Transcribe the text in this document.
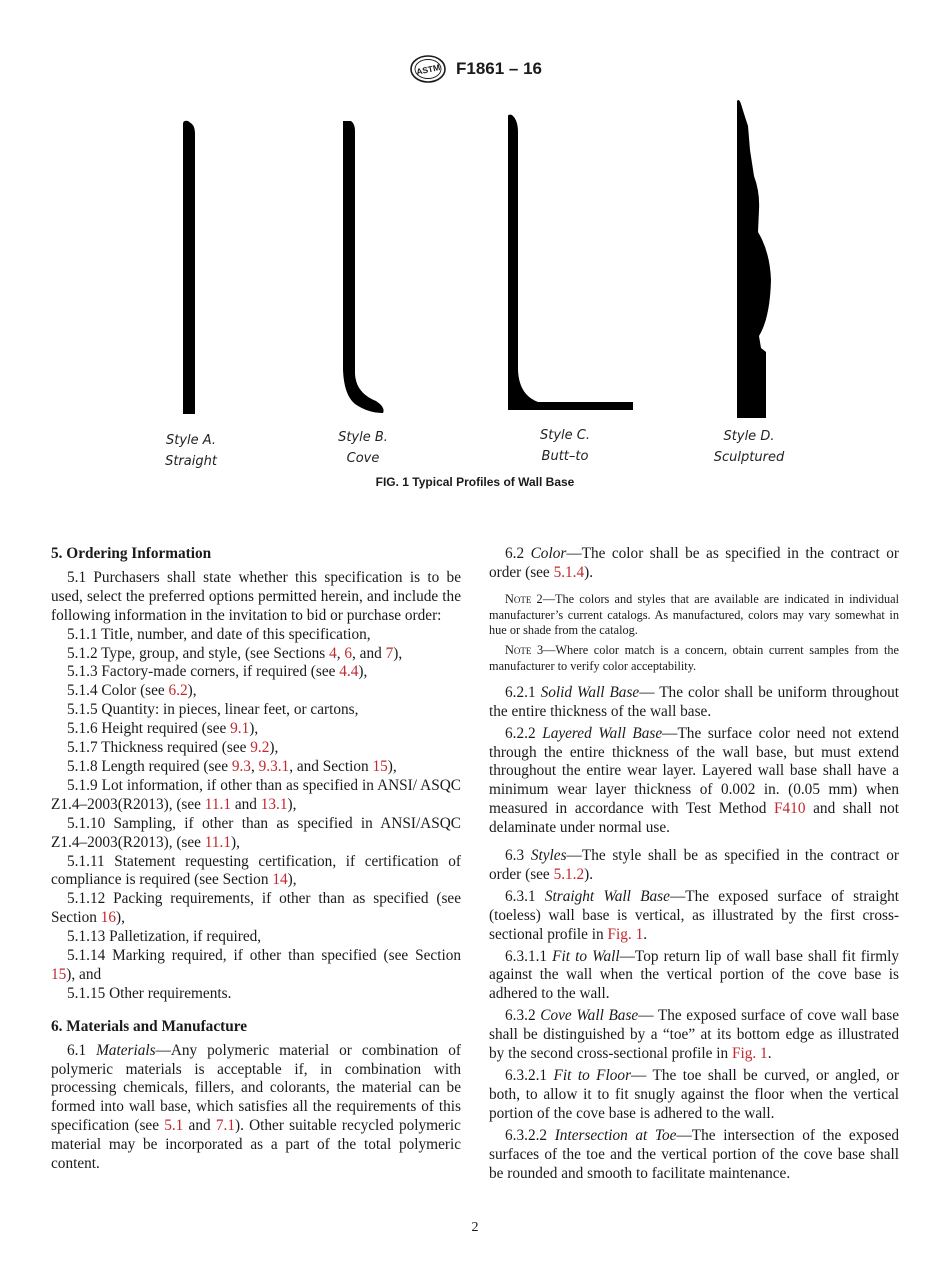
ASTM F1861 – 16
Style A.
Straight
Style B.
Cove
Style C.
Butt–to
Style D.
Sculptured
FIG. 1 Typical Profiles of Wall Base

5. Ordering Information

5.1 Purchasers shall state whether this specification is to be used, select the preferred options permitted herein, and include the following information in the invitation to bid or purchase order:

5.1.1 Title, number, and date of this specification,

5.1.2 Type, group, and style, (see Sections 4, 6, and 7),

5.1.3 Factory-made corners, if required (see 4.4),

5.1.4 Color (see 6.2),

5.1.5 Quantity: in pieces, linear feet, or cartons,

5.1.6 Height required (see 9.1),

5.1.7 Thickness required (see 9.2),

5.1.8 Length required (see 9.3, 9.3.1, and Section 15),

5.1.9 Lot information, if other than as specified in ANSI/ ASQC Z1.4–2003(R2013), (see 11.1 and 13.1),

5.1.10 Sampling, if other than as specified in ANSI/ASQC Z1.4–2003(R2013), (see 11.1),

5.1.11 Statement requesting certification, if certification of compliance is required (see Section 14),

5.1.12 Packing requirements, if other than as specified (see Section 16),

5.1.13 Palletization, if required,

5.1.14 Marking required, if other than specified (see Section 15), and

5.1.15 Other requirements.

6. Materials and Manufacture

6.1 Materials—Any polymeric material or combination of polymeric materials is acceptable if, in combination with processing chemicals, fillers, and colorants, the material can be formed into wall base, which satisfies all the requirements of this specification (see 5.1 and 7.1). Other suitable recycled polymeric material may be incorporated as a part of the total polymeric content.

6.2 Color—The color shall be as specified in the contract or order (see 5.1.4).

Note 2—The colors and styles that are available are indicated in individual manufacturer’s current catalogs. As manufactured, colors may vary somewhat in hue or shade from the catalog.

Note 3—Where color match is a concern, obtain current samples from the manufacturer to verify color acceptability.

6.2.1 Solid Wall Base— The color shall be uniform throughout the entire thickness of the wall base.

6.2.2 Layered Wall Base—The surface color need not extend through the entire thickness of the wall base, but must extend throughout the entire wear layer. Layered wall base shall have a minimum wear layer thickness of 0.002 in. (0.05 mm) when measured in accordance with Test Method F410 and shall not delaminate under normal use.

6.3 Styles—The style shall be as specified in the contract or order (see 5.1.2).

6.3.1 Straight Wall Base—The exposed surface of straight (toeless) wall base is vertical, as illustrated by the first cross-sectional profile in Fig. 1.

6.3.1.1 Fit to Wall—Top return lip of wall base shall fit firmly against the wall when the vertical portion of the cove base is adhered to the wall.

6.3.2 Cove Wall Base— The exposed surface of cove wall base shall be distinguished by a “toe” at its bottom edge as illustrated by the second cross-sectional profile in Fig. 1.

6.3.2.1 Fit to Floor— The toe shall be curved, or angled, or both, to allow it to fit snugly against the floor when the vertical portion of the cove base is adhered to the wall.

6.3.2.2 Intersection at Toe—The intersection of the exposed surfaces of the toe and the vertical portion of the cove base shall be rounded and smooth to facilitate maintenance.

2
